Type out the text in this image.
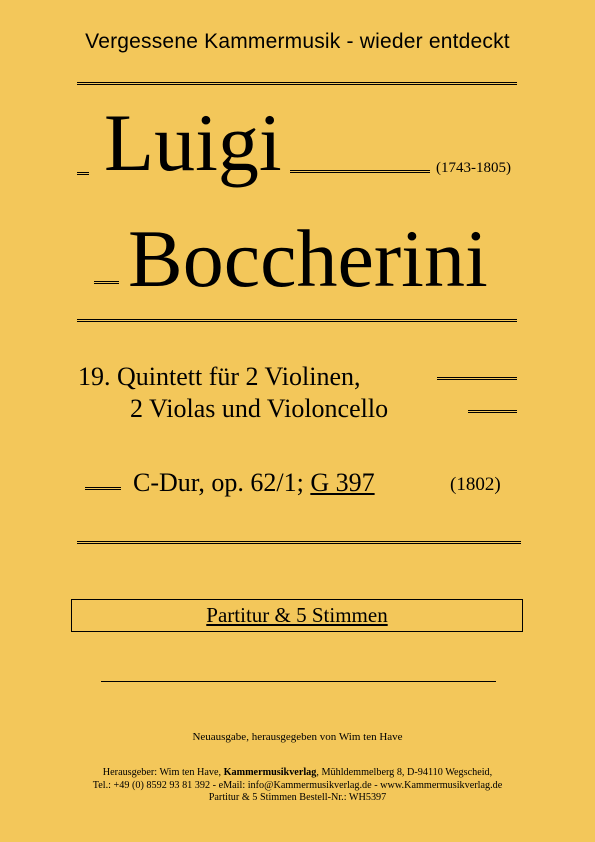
Vergessene Kammermusik - wieder entdeckt
Luigi	(1743-1805)
Boccherini
19. Quintett für 2 Violinen,
2 Violas und Violoncello
C-Dur, op. 62/1; G 397	(1802)
Partitur & 5 Stimmen
Neuausgabe, herausgegeben von Wim ten Have
Herausgeber: Wim ten Have, Kammermusikverlag, Mühldemmelberg 8, D-94110 Wegscheid,
Tel.: +49 (0) 8592 93 81 392 - eMail: info@Kammermusikverlag.de - www.Kammermusikverlag.de
Partitur & 5 Stimmen Bestell-Nr.: WH5397
